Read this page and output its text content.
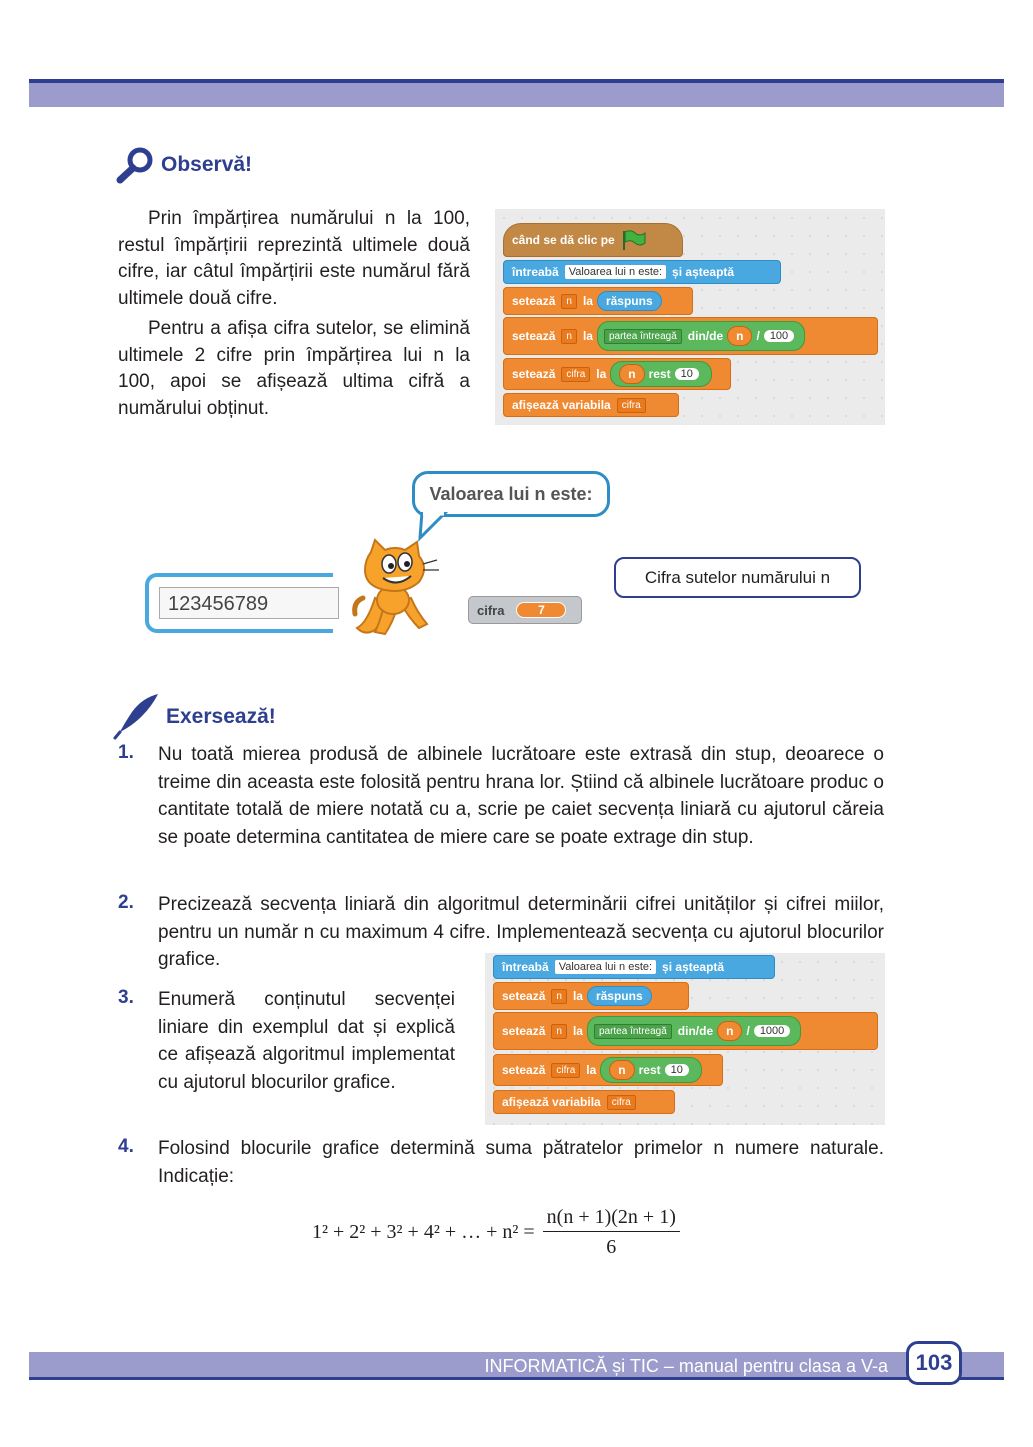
Observă!

Prin împărțirea numărului n la 100, restul împărțirii reprezintă ultimele două cifre, iar câtul împărțirii este numărul fără ultimele două cifre.

Pentru a afișa cifra sutelor, se elimină ultimele 2 cifre prin împărțirea lui n la 100, apoi se afișează ultima cifră a numărului obținut.

când se dă clic pe
întreabă Valoarea lui n este: și așteaptă
setează	n la	răspuns
setează	n la	partea întreagă din/de	n	/ 100
setează	cifra la	n	rest 10
afișează variabila	cifra
Valoarea lui n este:
123456789	cifra	7
Cifra sutelor numărului n
Exersează!
1. Nu toată mierea produsă de albinele lucrătoare este extrasă din stup, deoarece o treime din aceasta este folosită pentru hrana lor. Știind că albinele lucrătoare produc o cantitate totală de miere notată cu a, scrie pe caiet secvența liniară cu ajutorul căreia se poate determina cantitatea de miere care se poate extrage din stup.
2. Precizează secvența liniară din algoritmul determinării cifrei unităților și cifrei miilor, pentru un număr n cu maximum 4 cifre. Implementează secvența cu ajutorul blocurilor grafice.
3. Enumeră conținutul secvenței liniare din exemplul dat și explică ce afișează algoritmul implementat cu ajutorul blocurilor grafice.
întreabă Valoarea lui n este: și așteaptă
setează	n la	răspuns
setează	n la	partea întreagă din/de	n	/ 1000
setează	cifra la	n	rest 10
afișează variabila	cifra
4. Folosind blocurile grafice determină suma pătratelor primelor n numere naturale. Indicație:
1² + 2² + 3² + 4² + … + $n^2 = \frac{n(n + 1)(2n + 1)}{6}$
INFORMATICĂ și TIC – manual pentru clasa a V-a	103
